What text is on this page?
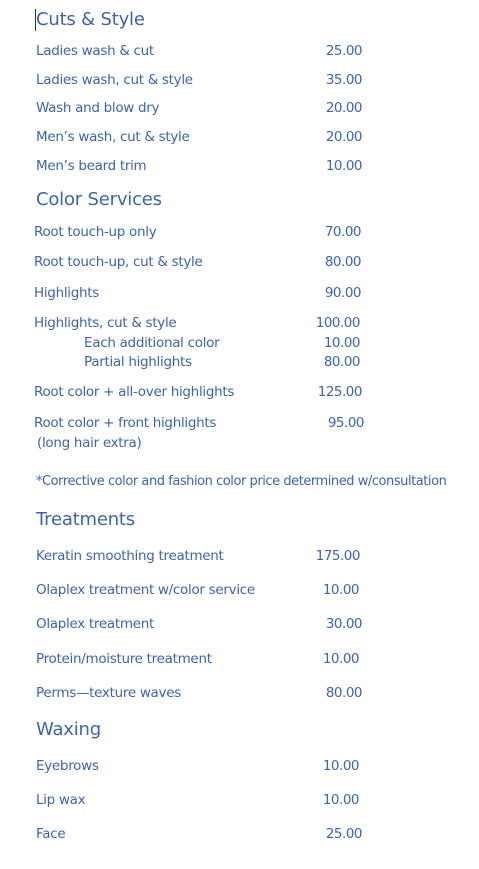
Cuts & Style
Ladies wash & cut	25.00
Ladies wash, cut & style	35.00
Wash and blow dry	20.00
Men’s wash, cut & style	20.00
Men’s beard trim	10.00
Color Services
Root touch-up only	70.00
Root touch-up, cut & style	80.00
Highlights	90.00
Highlights, cut & style	100.00
Each additional color	10.00
Partial highlights	80.00
Root color + all-over highlights	125.00
Root color + front highlights	95.00
(long hair extra)
*Corrective color and fashion color price determined w/consultation
Treatments
Keratin smoothing treatment	175.00
Olaplex treatment w/color service	10.00
Olaplex treatment	30.00
Protein/moisture treatment	10.00
Perms—texture waves	80.00
Waxing
Eyebrows	10.00
Lip wax	10.00
Face	25.00
